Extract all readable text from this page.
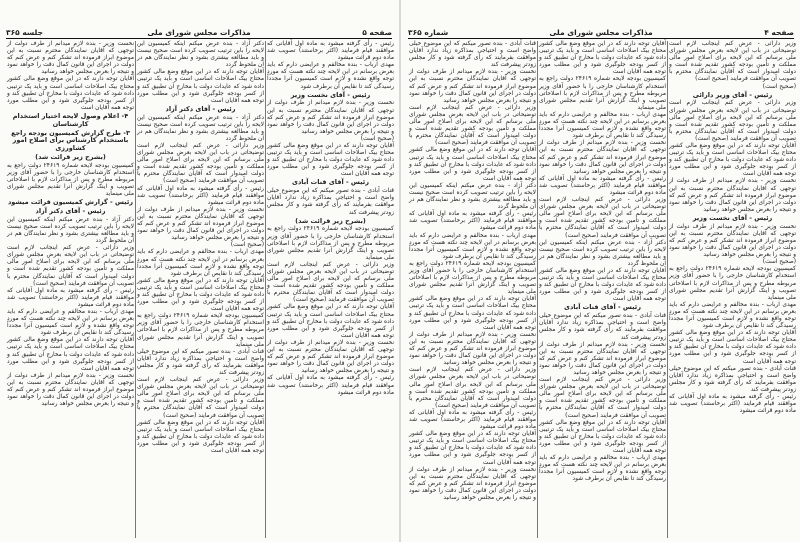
صفحه ۵
مذاکرات مجلس شورای ملی
جلسه ۳۶۵

رئیس - رأی گرفته میشود به ماده اول آقایانی که موافقند قیام فرمایند (اکثر برخاستند) تصویب شد ماده دوم قرائت میشود

مهدی ارباب - بنده مخالفم و عرایضی دارم که باید بعرض برسانم در این لایحه چند نکته هست که مورد توجه واقع نشده و لازم است کمیسیون آنرا مجدداً رسیدگی کند تا نقایص آن برطرف شود

رئیس - آقای نخست وزیر

نخست وزیر - بنده لازم میدانم از طرف دولت از توجهی که آقایان نمایندگان محترم نسبت به این موضوع ابراز فرموده اند تشکر کنم و عرض کنم که دولت در اجرای این قانون کمال دقت را خواهد نمود و نتیجه را بعرض مجلس خواهد رسانید

(صحیح است)

آقایان توجه دارند که در این موقع وضع مالی کشور محتاج بیک اصلاحات اساسی است و باید یک ترتیبی داده شود که عایدات دولت با مخارج آن تطبیق کند و از کسر بودجه جلوگیری شود و این مطلب مورد توجه همه آقایان است

رئیس - آقای قنات آبادی

قنات آبادی - بنده تصور میکنم که این موضوع خیلی واضح است و احتیاجی بمذاکره زیاد ندارد آقایان موافقت بفرمایند که رأی گرفته شود و کار مجلس زودتر پیشرفت کند

(بشرح زیر قرائت شد)

کمیسیون بودجه لایحه شماره ۲۴۶۱۹ دولت راجع به استخدام کارشناسان خارجی را با حضور آقای وزیر مربوطه مطرح و پس از مذاکرات لازم با اصلاحاتی تصویب و اینک گزارش آنرا تقدیم مجلس شورای ملی مینماید

وزیر دارائی - عرض کنم اینجانب لازم است توضیحاتی در باب این لایحه بعرض مجلس شورای ملی برسانم که این لایحه برای اصلاح امور مالی مملکت و تأمین بودجه کشور تقدیم شده است و دولت امیدوار است که آقایان نمایندگان محترم با تصویب آن موافقت فرمایند (صحیح است)

آقایان توجه دارند که در این موقع وضع مالی کشور محتاج بیک اصلاحات اساسی است و باید یک ترتیبی داده شود که عایدات دولت با مخارج آن تطبیق کند و از کسر بودجه جلوگیری شود و این مطلب مورد توجه همه آقایان است

نخست وزیر - بنده لازم میدانم از طرف دولت از توجهی که آقایان نمایندگان محترم نسبت به این موضوع ابراز فرموده اند تشکر کنم و عرض کنم که دولت در اجرای این قانون کمال دقت را خواهد نمود و نتیجه را بعرض مجلس خواهد رسانید

رئیس - رأی گرفته میشود به ماده اول آقایانی که موافقند قیام فرمایند (اکثر برخاستند) تصویب شد ماده دوم قرائت میشود

دکتر آزاد - بنده عرض میکنم اینکه کمیسیون این لایحه را باین ترتیب تصویب کرده است صحیح نیست و باید مطالعه بیشتری بشود و نظر نمایندگان هم در آن ملحوظ گردد

آقایان توجه دارند که در این موقع وضع مالی کشور محتاج بیک اصلاحات اساسی است و باید یک ترتیبی داده شود که عایدات دولت با مخارج آن تطبیق کند و از کسر بودجه جلوگیری شود و این مطلب مورد توجه همه آقایان است

رئیس - آقای دکتر آزاد

دکتر آزاد - بنده عرض میکنم اینکه کمیسیون این لایحه را باین ترتیب تصویب کرده است صحیح نیست و باید مطالعه بیشتری بشود و نظر نمایندگان هم در آن ملحوظ گردد

وزیر دارائی - عرض کنم اینجانب لازم است توضیحاتی در باب این لایحه بعرض مجلس شورای ملی برسانم که این لایحه برای اصلاح امور مالی مملکت و تأمین بودجه کشور تقدیم شده است و دولت امیدوار است که آقایان نمایندگان محترم با تصویب آن موافقت فرمایند (صحیح است)

رئیس - رأی گرفته میشود به ماده اول آقایانی که موافقند قیام فرمایند (اکثر برخاستند) تصویب شد ماده دوم قرائت میشود

نخست وزیر - بنده لازم میدانم از طرف دولت از توجهی که آقایان نمایندگان محترم نسبت به این موضوع ابراز فرموده اند تشکر کنم و عرض کنم که دولت در اجرای این قانون کمال دقت را خواهد نمود و نتیجه را بعرض مجلس خواهد رسانید

(صحیح است)

مهدی ارباب - بنده مخالفم و عرایضی دارم که باید بعرض برسانم در این لایحه چند نکته هست که مورد توجه واقع نشده و لازم است کمیسیون آنرا مجدداً رسیدگی کند تا نقایص آن برطرف شود

آقایان توجه دارند که در این موقع وضع مالی کشور محتاج بیک اصلاحات اساسی است و باید یک ترتیبی داده شود که عایدات دولت با مخارج آن تطبیق کند و از کسر بودجه جلوگیری شود و این مطلب مورد توجه همه آقایان است

کمیسیون بودجه لایحه شماره ۲۴۶۱۹ دولت راجع به استخدام کارشناسان خارجی را با حضور آقای وزیر مربوطه مطرح و پس از مذاکرات لازم با اصلاحاتی تصویب و اینک گزارش آنرا تقدیم مجلس شورای ملی مینماید

قنات آبادی - بنده تصور میکنم که این موضوع خیلی واضح است و احتیاجی بمذاکره زیاد ندارد آقایان موافقت بفرمایند که رأی گرفته شود و کار مجلس زودتر پیشرفت کند

وزیر دارائی - عرض کنم اینجانب لازم است توضیحاتی در باب این لایحه بعرض مجلس شورای ملی برسانم که این لایحه برای اصلاح امور مالی مملکت و تأمین بودجه کشور تقدیم شده است و دولت امیدوار است که آقایان نمایندگان محترم با تصویب آن موافقت فرمایند (صحیح است)

آقایان توجه دارند که در این موقع وضع مالی کشور محتاج بیک اصلاحات اساسی است و باید یک ترتیبی داده شود که عایدات دولت با مخارج آن تطبیق کند و از کسر بودجه جلوگیری شود و این مطلب مورد توجه همه آقایان است

نخست وزیر - بنده لازم میدانم از طرف دولت از توجهی که آقایان نمایندگان محترم نسبت به این موضوع ابراز فرموده اند تشکر کنم و عرض کنم که دولت در اجرای این قانون کمال دقت را خواهد نمود و نتیجه را بعرض مجلس خواهد رسانید

آقایان توجه دارند که در این موقع وضع مالی کشور محتاج بیک اصلاحات اساسی است و باید یک ترتیبی داده شود که عایدات دولت با مخارج آن تطبیق کند و از کسر بودجه جلوگیری شود و این مطلب مورد توجه همه آقایان است

۴- اعلام وصول لایحه اختیار استخدام کارشناسان

۳- طرح گزارش کمیسیون بودجه راجع باستخدام کارشناس برای اصلاح امور کشاورزی

(بشرح زیر قرائت شد)

کمیسیون بودجه لایحه شماره ۲۴۶۱۹ دولت راجع به استخدام کارشناسان خارجی را با حضور آقای وزیر مربوطه مطرح و پس از مذاکرات لازم با اصلاحاتی تصویب و اینک گزارش آنرا تقدیم مجلس شورای ملی مینماید

رئیس - گزارش کمیسیون قرائت میشود

رئیس - آقای دکتر آزاد

دکتر آزاد - بنده عرض میکنم اینکه کمیسیون این لایحه را باین ترتیب تصویب کرده است صحیح نیست و باید مطالعه بیشتری بشود و نظر نمایندگان هم در آن ملحوظ گردد

وزیر دارائی - عرض کنم اینجانب لازم است توضیحاتی در باب این لایحه بعرض مجلس شورای ملی برسانم که این لایحه برای اصلاح امور مالی مملکت و تأمین بودجه کشور تقدیم شده است و دولت امیدوار است که آقایان نمایندگان محترم با تصویب آن موافقت فرمایند (صحیح است)

رئیس - رأی گرفته میشود به ماده اول آقایانی که موافقند قیام فرمایند (اکثر برخاستند) تصویب شد ماده دوم قرائت میشود

مهدی ارباب - بنده مخالفم و عرایضی دارم که باید بعرض برسانم در این لایحه چند نکته هست که مورد توجه واقع نشده و لازم است کمیسیون آنرا مجدداً رسیدگی کند تا نقایص آن برطرف شود

آقایان توجه دارند که در این موقع وضع مالی کشور محتاج بیک اصلاحات اساسی است و باید یک ترتیبی داده شود که عایدات دولت با مخارج آن تطبیق کند و از کسر بودجه جلوگیری شود و این مطلب مورد توجه همه آقایان است

نخست وزیر - بنده لازم میدانم از طرف دولت از توجهی که آقایان نمایندگان محترم نسبت به این موضوع ابراز فرموده اند تشکر کنم و عرض کنم که دولت در اجرای این قانون کمال دقت را خواهد نمود و نتیجه را بعرض مجلس خواهد رسانید

صفحه ۴
مذاکرات مجلس شورای ملی
شماره ۳۶۵

وزیر دارائی - عرض کنم اینجانب لازم است توضیحاتی در باب این لایحه بعرض مجلس شورای ملی برسانم که این لایحه برای اصلاح امور مالی مملکت و تأمین بودجه کشور تقدیم شده است و دولت امیدوار است که آقایان نمایندگان محترم با تصویب آن موافقت فرمایند (صحیح است)

(صحیح است)

رئیس - آقای وزیر دارائی

وزیر دارائی - عرض کنم اینجانب لازم است توضیحاتی در باب این لایحه بعرض مجلس شورای ملی برسانم که این لایحه برای اصلاح امور مالی مملکت و تأمین بودجه کشور تقدیم شده است و دولت امیدوار است که آقایان نمایندگان محترم با تصویب آن موافقت فرمایند (صحیح است)

آقایان توجه دارند که در این موقع وضع مالی کشور محتاج بیک اصلاحات اساسی است و باید یک ترتیبی داده شود که عایدات دولت با مخارج آن تطبیق کند و از کسر بودجه جلوگیری شود و این مطلب مورد توجه همه آقایان است

نخست وزیر - بنده لازم میدانم از طرف دولت از توجهی که آقایان نمایندگان محترم نسبت به این موضوع ابراز فرموده اند تشکر کنم و عرض کنم که دولت در اجرای این قانون کمال دقت را خواهد نمود و نتیجه را بعرض مجلس خواهد رسانید

رئیس - آقای نخست وزیر

نخست وزیر - بنده لازم میدانم از طرف دولت از توجهی که آقایان نمایندگان محترم نسبت به این موضوع ابراز فرموده اند تشکر کنم و عرض کنم که دولت در اجرای این قانون کمال دقت را خواهد نمود و نتیجه را بعرض مجلس خواهد رسانید

(صحیح است)

کمیسیون بودجه لایحه شماره ۲۴۶۱۹ دولت راجع به استخدام کارشناسان خارجی را با حضور آقای وزیر مربوطه مطرح و پس از مذاکرات لازم با اصلاحاتی تصویب و اینک گزارش آنرا تقدیم مجلس شورای ملی مینماید

مهدی ارباب - بنده مخالفم و عرایضی دارم که باید بعرض برسانم در این لایحه چند نکته هست که مورد توجه واقع نشده و لازم است کمیسیون آنرا مجدداً رسیدگی کند تا نقایص آن برطرف شود

آقایان توجه دارند که در این موقع وضع مالی کشور محتاج بیک اصلاحات اساسی است و باید یک ترتیبی داده شود که عایدات دولت با مخارج آن تطبیق کند و از کسر بودجه جلوگیری شود و این مطلب مورد توجه همه آقایان است

قنات آبادی - بنده تصور میکنم که این موضوع خیلی واضح است و احتیاجی بمذاکره زیاد ندارد آقایان موافقت بفرمایند که رأی گرفته شود و کار مجلس زودتر پیشرفت کند

رئیس - رأی گرفته میشود به ماده اول آقایانی که موافقند قیام فرمایند (اکثر برخاستند) تصویب شد ماده دوم قرائت میشود

آقایان توجه دارند که در این موقع وضع مالی کشور محتاج بیک اصلاحات اساسی است و باید یک ترتیبی داده شود که عایدات دولت با مخارج آن تطبیق کند و از کسر بودجه جلوگیری شود و این مطلب مورد توجه همه آقایان است

کمیسیون بودجه لایحه شماره ۲۴۶۱۹ دولت راجع به استخدام کارشناسان خارجی را با حضور آقای وزیر مربوطه مطرح و پس از مذاکرات لازم با اصلاحاتی تصویب و اینک گزارش آنرا تقدیم مجلس شورای ملی مینماید

مهدی ارباب - بنده مخالفم و عرایضی دارم که باید بعرض برسانم در این لایحه چند نکته هست که مورد توجه واقع نشده و لازم است کمیسیون آنرا مجدداً رسیدگی کند تا نقایص آن برطرف شود

نخست وزیر - بنده لازم میدانم از طرف دولت از توجهی که آقایان نمایندگان محترم نسبت به این موضوع ابراز فرموده اند تشکر کنم و عرض کنم که دولت در اجرای این قانون کمال دقت را خواهد نمود و نتیجه را بعرض مجلس خواهد رسانید

رئیس - رأی گرفته میشود به ماده اول آقایانی که موافقند قیام فرمایند (اکثر برخاستند) تصویب شد ماده دوم قرائت میشود

وزیر دارائی - عرض کنم اینجانب لازم است توضیحاتی در باب این لایحه بعرض مجلس شورای ملی برسانم که این لایحه برای اصلاح امور مالی مملکت و تأمین بودجه کشور تقدیم شده است و دولت امیدوار است که آقایان نمایندگان محترم با تصویب آن موافقت فرمایند (صحیح است)

دکتر آزاد - بنده عرض میکنم اینکه کمیسیون این لایحه را باین ترتیب تصویب کرده است صحیح نیست و باید مطالعه بیشتری بشود و نظر نمایندگان هم در آن ملحوظ گردد

آقایان توجه دارند که در این موقع وضع مالی کشور محتاج بیک اصلاحات اساسی است و باید یک ترتیبی داده شود که عایدات دولت با مخارج آن تطبیق کند و از کسر بودجه جلوگیری شود و این مطلب مورد توجه همه آقایان است

رئیس - آقای قنات آبادی

قنات آبادی - بنده تصور میکنم که این موضوع خیلی واضح است و احتیاجی بمذاکره زیاد ندارد آقایان موافقت بفرمایند که رأی گرفته شود و کار مجلس زودتر پیشرفت کند

نخست وزیر - بنده لازم میدانم از طرف دولت از توجهی که آقایان نمایندگان محترم نسبت به این موضوع ابراز فرموده اند تشکر کنم و عرض کنم که دولت در اجرای این قانون کمال دقت را خواهد نمود و نتیجه را بعرض مجلس خواهد رسانید

وزیر دارائی - عرض کنم اینجانب لازم است توضیحاتی در باب این لایحه بعرض مجلس شورای ملی برسانم که این لایحه برای اصلاح امور مالی مملکت و تأمین بودجه کشور تقدیم شده است و دولت امیدوار است که آقایان نمایندگان محترم با تصویب آن موافقت فرمایند (صحیح است)

آقایان توجه دارند که در این موقع وضع مالی کشور محتاج بیک اصلاحات اساسی است و باید یک ترتیبی داده شود که عایدات دولت با مخارج آن تطبیق کند و از کسر بودجه جلوگیری شود و این مطلب مورد توجه همه آقایان است

مهدی ارباب - بنده مخالفم و عرایضی دارم که باید بعرض برسانم در این لایحه چند نکته هست که مورد توجه واقع نشده و لازم است کمیسیون آنرا مجدداً رسیدگی کند تا نقایص آن برطرف شود

قنات آبادی - بنده تصور میکنم که این موضوع خیلی واضح است و احتیاجی بمذاکره زیاد ندارد آقایان موافقت بفرمایند که رأی گرفته شود و کار مجلس زودتر پیشرفت کند

نخست وزیر - بنده لازم میدانم از طرف دولت از توجهی که آقایان نمایندگان محترم نسبت به این موضوع ابراز فرموده اند تشکر کنم و عرض کنم که دولت در اجرای این قانون کمال دقت را خواهد نمود و نتیجه را بعرض مجلس خواهد رسانید

وزیر دارائی - عرض کنم اینجانب لازم است توضیحاتی در باب این لایحه بعرض مجلس شورای ملی برسانم که این لایحه برای اصلاح امور مالی مملکت و تأمین بودجه کشور تقدیم شده است و دولت امیدوار است که آقایان نمایندگان محترم با تصویب آن موافقت فرمایند (صحیح است)

آقایان توجه دارند که در این موقع وضع مالی کشور محتاج بیک اصلاحات اساسی است و باید یک ترتیبی داده شود که عایدات دولت با مخارج آن تطبیق کند و از کسر بودجه جلوگیری شود و این مطلب مورد توجه همه آقایان است

دکتر آزاد - بنده عرض میکنم اینکه کمیسیون این لایحه را باین ترتیب تصویب کرده است صحیح نیست و باید مطالعه بیشتری بشود و نظر نمایندگان هم در آن ملحوظ گردد

رئیس - رأی گرفته میشود به ماده اول آقایانی که موافقند قیام فرمایند (اکثر برخاستند) تصویب شد ماده دوم قرائت میشود

مهدی ارباب - بنده مخالفم و عرایضی دارم که باید بعرض برسانم در این لایحه چند نکته هست که مورد توجه واقع نشده و لازم است کمیسیون آنرا مجدداً رسیدگی کند تا نقایص آن برطرف شود

کمیسیون بودجه لایحه شماره ۲۴۶۱۹ دولت راجع به استخدام کارشناسان خارجی را با حضور آقای وزیر مربوطه مطرح و پس از مذاکرات لازم با اصلاحاتی تصویب و اینک گزارش آنرا تقدیم مجلس شورای ملی مینماید

آقایان توجه دارند که در این موقع وضع مالی کشور محتاج بیک اصلاحات اساسی است و باید یک ترتیبی داده شود که عایدات دولت با مخارج آن تطبیق کند و از کسر بودجه جلوگیری شود و این مطلب مورد توجه همه آقایان است

نخست وزیر - بنده لازم میدانم از طرف دولت از توجهی که آقایان نمایندگان محترم نسبت به این موضوع ابراز فرموده اند تشکر کنم و عرض کنم که دولت در اجرای این قانون کمال دقت را خواهد نمود و نتیجه را بعرض مجلس خواهد رسانید

وزیر دارائی - عرض کنم اینجانب لازم است توضیحاتی در باب این لایحه بعرض مجلس شورای ملی برسانم که این لایحه برای اصلاح امور مالی مملکت و تأمین بودجه کشور تقدیم شده است و دولت امیدوار است که آقایان نمایندگان محترم با تصویب آن موافقت فرمایند (صحیح است)

رئیس - رأی گرفته میشود به ماده اول آقایانی که موافقند قیام فرمایند (اکثر برخاستند) تصویب شد ماده دوم قرائت میشود

آقایان توجه دارند که در این موقع وضع مالی کشور محتاج بیک اصلاحات اساسی است و باید یک ترتیبی داده شود که عایدات دولت با مخارج آن تطبیق کند و از کسر بودجه جلوگیری شود و این مطلب مورد توجه همه آقایان است

نخست وزیر - بنده لازم میدانم از طرف دولت از توجهی که آقایان نمایندگان محترم نسبت به این موضوع ابراز فرموده اند تشکر کنم و عرض کنم که دولت در اجرای این قانون کمال دقت را خواهد نمود و نتیجه را بعرض مجلس خواهد رسانید
